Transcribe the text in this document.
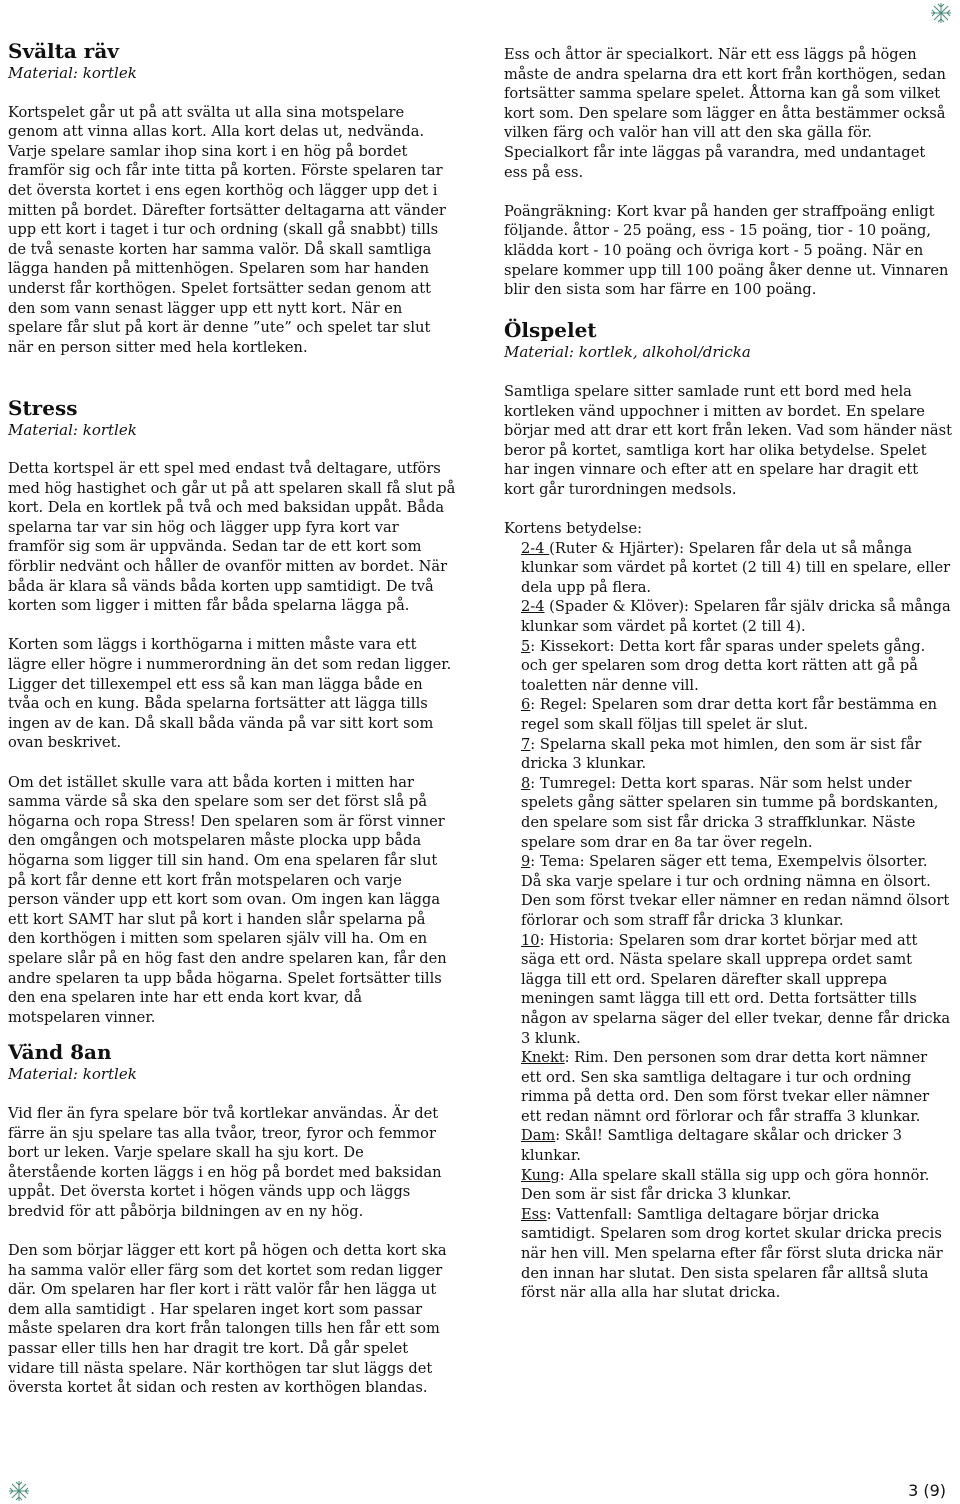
Svälta räv
Material: kortlek

Kortspelet går ut på att svälta ut alla sina motspelare genom att vinna allas kort. Alla kort delas ut, nedvända. Varje spelare samlar ihop sina kort i en hög på bordet framför sig och får inte titta på korten. Förste spelaren tar det översta kortet i ens egen korthög och lägger upp det i mitten på bordet. Därefter fortsätter deltagarna att vänder upp ett kort i taget i tur och ordning (skall gå snabbt) tills de två senaste korten har samma valör. Då skall samtliga lägga handen på mittenhögen. Spelaren som har handen underst får korthögen. Spelet fortsätter sedan genom att den som vann senast lägger upp ett nytt kort. När en spelare får slut på kort är denne ”ute” och spelet tar slut när en person sitter med hela kortleken.

Stress
Material: kortlek

Detta kortspel är ett spel med endast två deltagare, utförs med hög hastighet och går ut på att spelaren skall få slut på kort. Dela en kortlek på två och med baksidan uppåt. Båda spelarna tar var sin hög och lägger upp fyra kort var framför sig som är uppvända. Sedan tar de ett kort som förblir nedvänt och håller de ovanför mitten av bordet. När båda är klara så vänds båda korten upp samtidigt. De två korten som ligger i mitten får båda spelarna lägga på.

Korten som läggs i korthögarna i mitten måste vara ett lägre eller högre i nummerordning än det som redan ligger. Ligger det tillexempel ett ess så kan man lägga både en tvåa och en kung. Båda spelarna fortsätter att lägga tills ingen av de kan. Då skall båda vända på var sitt kort som ovan beskrivet.

Om det istället skulle vara att båda korten i mitten har samma värde så ska den spelare som ser det först slå på högarna och ropa Stress! Den spelaren som är först vinner den omgången och motspelaren måste plocka upp båda högarna som ligger till sin hand. Om ena spelaren får slut på kort får denne ett kort från motspelaren och varje person vänder upp ett kort som ovan. Om ingen kan lägga ett kort SAMT har slut på kort i handen slår spelarna på den korthögen i mitten som spelaren själv vill ha. Om en spelare slår på en hög fast den andre spelaren kan, får den andre spelaren ta upp båda högarna. Spelet fortsätter tills den ena spelaren inte har ett enda kort kvar, då motspelaren vinner.

Vänd 8an
Material: kortlek

Vid fler än fyra spelare bör två kortlekar användas. Är det färre än sju spelare tas alla tvåor, treor, fyror och femmor bort ur leken. Varje spelare skall ha sju kort. De återstående korten läggs i en hög på bordet med baksidan uppåt. Det översta kortet i högen vänds upp och läggs bredvid för att påbörja bildningen av en ny hög.

Den som börjar lägger ett kort på högen och detta kort ska ha samma valör eller färg som det kortet som redan ligger där. Om spelaren har fler kort i rätt valör får hen lägga ut dem alla samtidigt . Har spelaren inget kort som passar måste spelaren dra kort från talongen tills hen får ett som passar eller tills hen har dragit tre kort. Då går spelet vidare till nästa spelare. När korthögen tar slut läggs det översta kortet åt sidan och resten av korthögen blandas.

Ess och åttor är specialkort. När ett ess läggs på högen måste de andra spelarna dra ett kort från korthögen, sedan fortsätter samma spelare spelet. Åttorna kan gå som vilket kort som. Den spelare som lägger en åtta bestämmer också vilken färg och valör han vill att den ska gälla för. Specialkort får inte läggas på varandra, med undantaget ess på ess.

Poängräkning: Kort kvar på handen ger straffpoäng enligt följande. åttor - 25 poäng, ess - 15 poäng, tior - 10 poäng, klädda kort - 10 poäng och övriga kort - 5 poäng. När en spelare kommer upp till 100 poäng åker denne ut. Vinnaren blir den sista som har färre en 100 poäng.

Ölspelet
Material: kortlek, alkohol/dricka

Samtliga spelare sitter samlade runt ett bord med hela kortleken vänd uppochner i mitten av bordet. En spelare börjar med att drar ett kort från leken. Vad som händer näst beror på kortet, samtliga kort har olika betydelse. Spelet har ingen vinnare och efter att en spelare har dragit ett kort går turordningen medsols.

Kortens betydelse:

2-4 (Ruter & Hjärter): Spelaren får dela ut så många klunkar som värdet på kortet (2 till 4) till en spelare, eller dela upp på flera.

2-4 (Spader & Klöver): Spelaren får själv dricka så många klunkar som värdet på kortet (2 till 4).

5: Kissekort: Detta kort får sparas under spelets gång. och ger spelaren som drog detta kort rätten att gå på toaletten när denne vill.

6: Regel: Spelaren som drar detta kort får bestämma en regel som skall följas till spelet är slut.

7: Spelarna skall peka mot himlen, den som är sist får dricka 3 klunkar.

8: Tumregel: Detta kort sparas. När som helst under spelets gång sätter spelaren sin tumme på bordskanten, den spelare som sist får dricka 3 straffklunkar. Näste spelare som drar en 8a tar över regeln.

9: Tema: Spelaren säger ett tema, Exempelvis ölsorter. Då ska varje spelare i tur och ordning nämna en ölsort. Den som först tvekar eller nämner en redan nämnd ölsort förlorar och som straff får dricka 3 klunkar.

10: Historia: Spelaren som drar kortet börjar med att säga ett ord. Nästa spelare skall upprepa ordet samt lägga till ett ord. Spelaren därefter skall upprepa meningen samt lägga till ett ord. Detta fortsätter tills någon av spelarna säger del eller tvekar, denne får dricka 3 klunk.

Knekt: Rim. Den personen som drar detta kort nämner ett ord. Sen ska samtliga deltagare i tur och ordning rimma på detta ord. Den som först tvekar eller nämner ett redan nämnt ord förlorar och får straffa 3 klunkar.

Dam: Skål! Samtliga deltagare skålar och dricker 3 klunkar.

Kung: Alla spelare skall ställa sig upp och göra honnör. Den som är sist får dricka 3 klunkar.

Ess: Vattenfall: Samtliga deltagare börjar dricka samtidigt. Spelaren som drog kortet skular dricka precis när hen vill. Men spelarna efter får först sluta dricka när den innan har slutat. Den sista spelaren får alltså sluta först när alla alla har slutat dricka.

3 (9)
